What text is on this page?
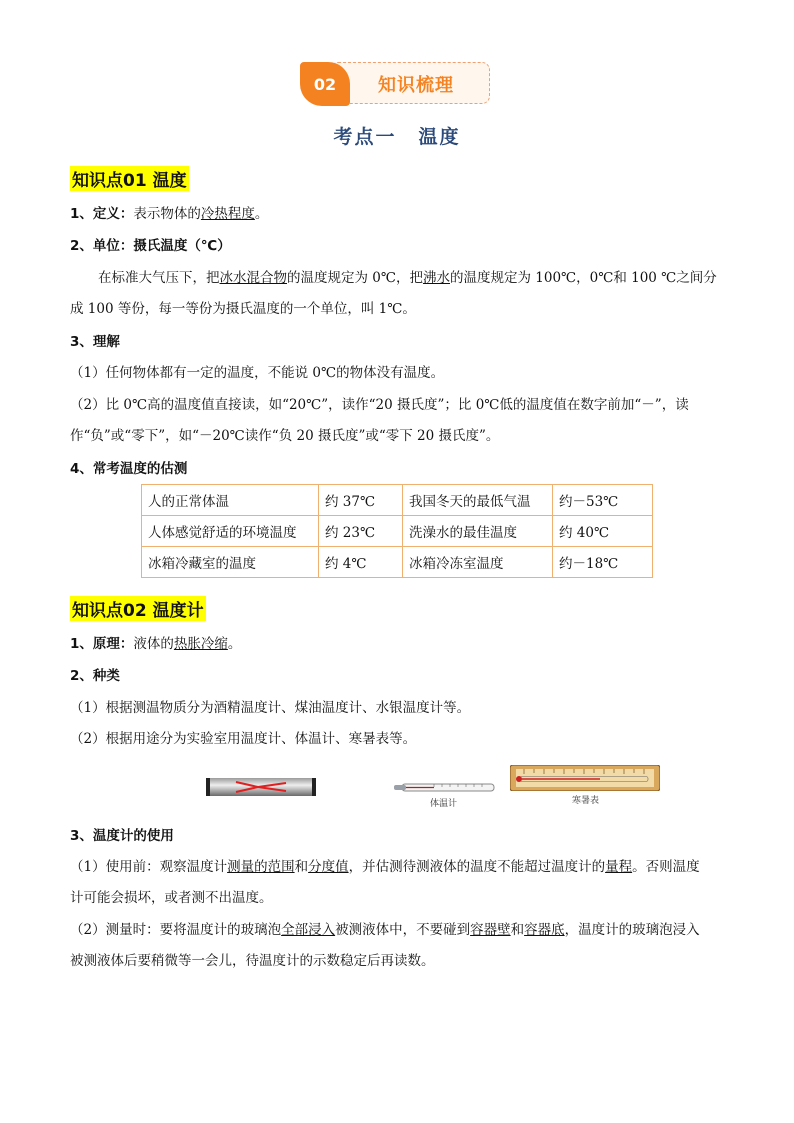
02	知识梳理
考点一 温度
知识点01 温度
1、定义：表示物体的冷热程度。
2、单位：摄氏温度（℃）
在标准大气压下，把冰水混合物的温度规定为 0℃，把沸水的温度规定为 100℃，0℃和 100 ℃之间分
成 100 等份，每一等份为摄氏温度的一个单位，叫 1℃。
3、理解
（1）任何物体都有一定的温度，不能说 0℃的物体没有温度。
（2）比 0℃高的温度值直接读，如“20℃”，读作“20 摄氏度”；比 0℃低的温度值在数字前加“－”，读
作“负”或“零下”，如“－20℃读作“负 20 摄氏度”或“零下 20 摄氏度”。
4、常考温度的估测
人的正常体温	约 37℃	我国冬天的最低气温	约－53℃
人体感觉舒适的环境温度	约 23℃	洗澡水的最佳温度	约 40℃
冰箱冷藏室的温度	约 4℃	冰箱冷冻室温度	约－18℃
知识点02 温度计
1、原理：液体的热胀冷缩。
2、种类
（1）根据测温物质分为酒精温度计、煤油温度计、水银温度计等。
（2）根据用途分为实验室用温度计、体温计、寒暑表等。
体温计	寒暑表
3、温度计的使用
（1）使用前：观察温度计测量的范围和分度值，并估测待测液体的温度不能超过温度计的量程。否则温度
计可能会损坏，或者测不出温度。
（2）测量时：要将温度计的玻璃泡全部浸入被测液体中，不要碰到容器壁和容器底，温度计的玻璃泡浸入
被测液体后要稍微等一会儿，待温度计的示数稳定后再读数。
